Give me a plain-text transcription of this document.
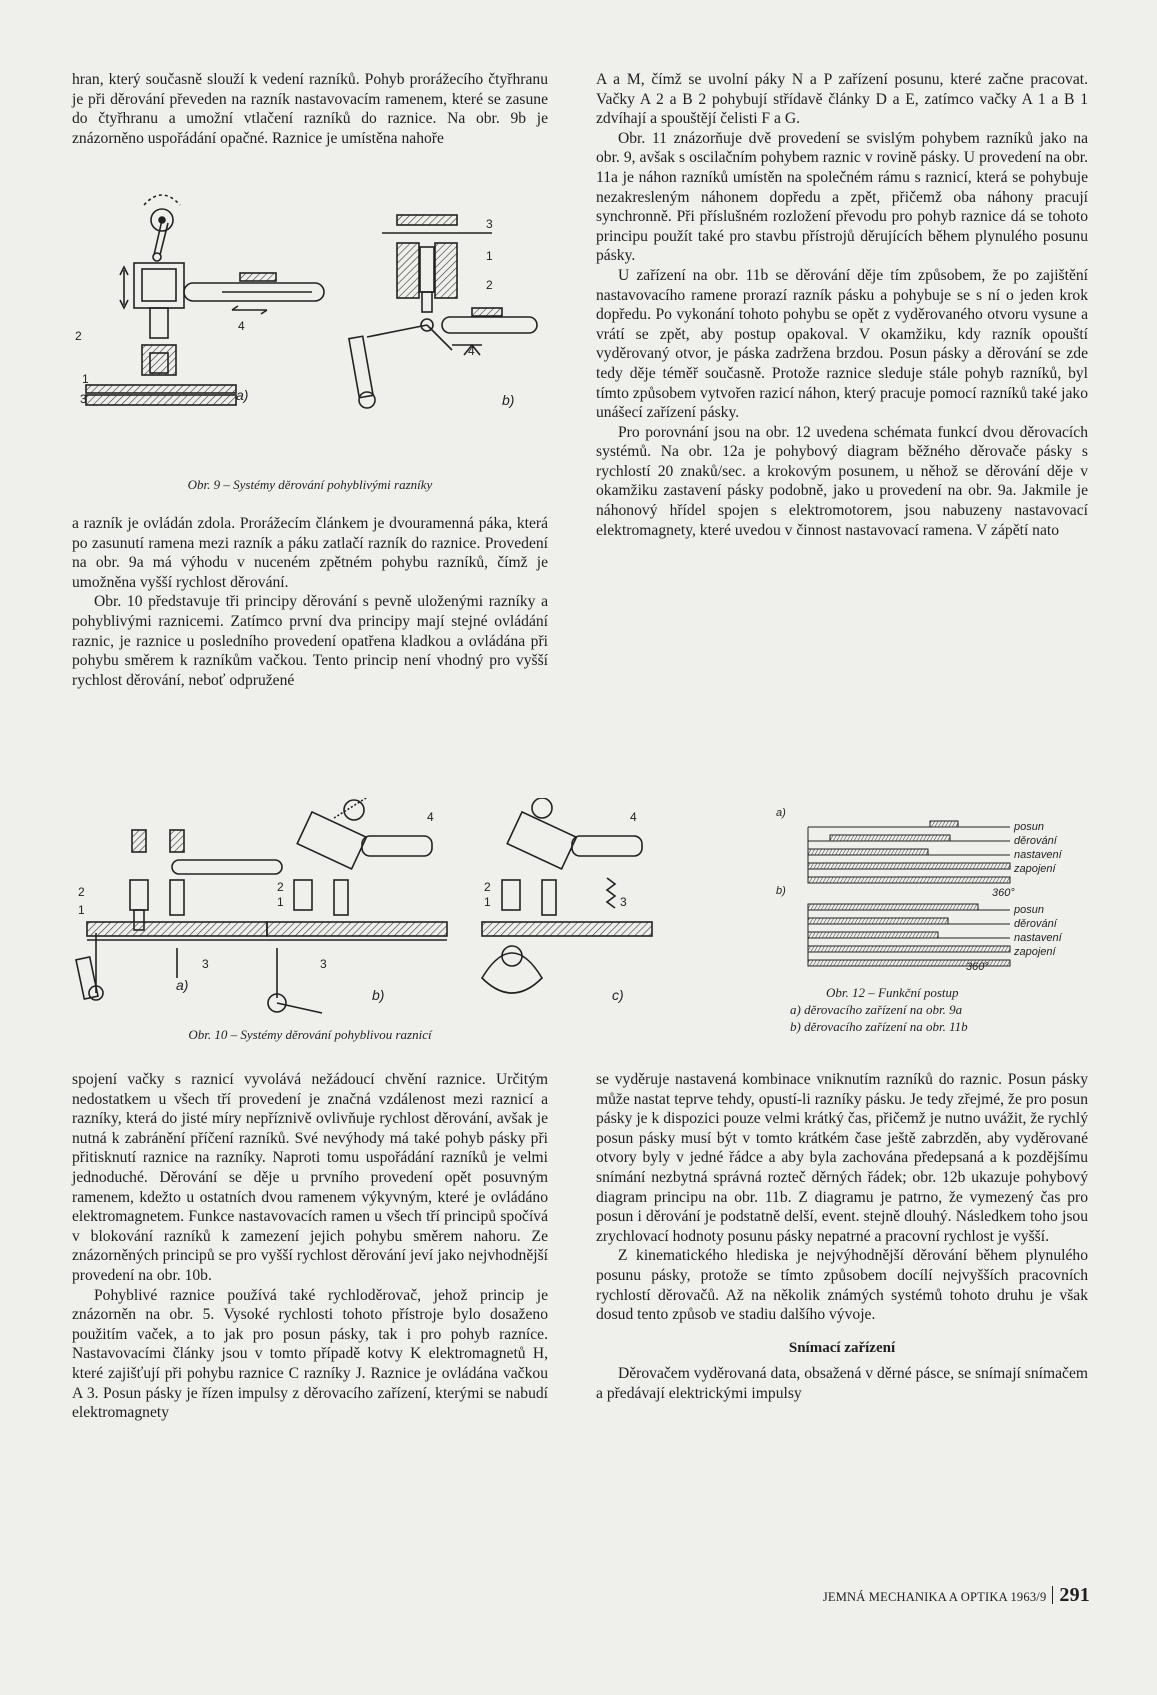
hran, který současně slouží k vedení razníků. Pohyb prorážecího čtyřhranu je při děrování převeden na razník nastavovacím ramenem, které se zasune do čtyřhranu a umožní vtlačení razníků do raznice. Na obr. 9b je znázorněno uspořádání opačné. Raznice je umístěna nahoře

2
1
3
4
a)
3
1
2
4
b)
Obr. 9 – Systémy děrování pohyblivými razníky

a razník je ovládán zdola. Prorážecím článkem je dvouramenná páka, která po zasunutí ramena mezi razník a páku zatlačí razník do raznice. Provedení na obr. 9a má výhodu v nuceném zpětném pohybu razníků, čímž je umožněna vyšší rychlost děrování.

Obr. 10 představuje tři principy děrování s pevně uloženými razníky a pohyblivými raznicemi. Zatímco první dva principy mají stejné ovládání raznic, je raznice u posledního provedení opatřena kladkou a ovládána při pohybu směrem k razníkům vačkou. Tento princip není vhodný pro vyšší rychlost děrování, neboť odpružené

2
1
3
a)
2
1
4
3
b)
2
1
4
3
c)
Obr. 10 – Systémy děrování pohyblivou raznicí

spojení vačky s raznicí vyvolává nežádoucí chvění raznice. Určitým nedostatkem u všech tří provedení je značná vzdálenost mezi raznicí a razníky, která do jisté míry nepříznivě ovlivňuje rychlost děrování, avšak je nutná k zabránění příčení razníků. Své nevýhody má také pohyb pásky při přitisknutí raznice na razníky. Naproti tomu uspořádání razníků je velmi jednoduché. Děrování se děje u prvního provedení opět posuvným ramenem, kdežto u ostatních dvou ramenem výkyvným, které je ovládáno elektromagnetem. Funkce nastavovacích ramen u všech tří principů spočívá v blokování razníků k zamezení jejich pohybu směrem nahoru. Ze znázorněných principů se pro vyšší rychlost děrování jeví jako nejvhodnější provedení na obr. 10b.

Pohyblivé raznice používá také rychloděrovač, jehož princip je znázorněn na obr. 5. Vysoké rychlosti tohoto přístroje bylo dosaženo použitím vaček, a to jak pro posun pásky, tak i pro pohyb razníce. Nastavovacími články jsou v tomto případě kotvy K elektromagnetů H, které zajišťují při pohybu raznice C razníky J. Raznice je ovládána vačkou A 3. Posun pásky je řízen impulsy z děrovacího zařízení, kterými se nabudí elektromagnety

A a M, čímž se uvolní páky N a P zařízení posunu, které začne pracovat. Vačky A 2 a B 2 pohybují střídavě články D a E, zatímco vačky A 1 a B 1 zdvíhají a spouštějí čelisti F a G.

Obr. 11 znázorňuje dvě provedení se svislým pohybem razníků jako na obr. 9, avšak s oscilačním pohybem raznic v rovině pásky. U provedení na obr. 11a je náhon razníků umístěn na společném rámu s raznicí, která se pohybuje nezakresleným náhonem dopředu a zpět, přičemž oba náhony pracují synchronně. Při příslušném rozložení převodu pro pohyb raznice dá se tohoto principu použít také pro stavbu přístrojů děrujících během plynulého posunu pásky.

U zařízení na obr. 11b se děrování děje tím způsobem, že po zajištění nastavovacího ramene prorazí razník pásku a pohybuje se s ní o jeden krok dopředu. Po vykonání tohoto pohybu se opět z vyděrovaného otvoru vysune a vrátí se zpět, aby postup opakoval. V okamžiku, kdy razník opouští vyděrovaný otvor, je páska zadržena brzdou. Posun pásky a děrování se zde tedy děje téměř současně. Protože raznice sleduje stále pohyb razníků, byl tímto způsobem vytvořen razicí náhon, který pracuje pomocí razníků také jako unášecí zařízení pásky.

Pro porovnání jsou na obr. 12 uvedena schémata funkcí dvou děrovacích systémů. Na obr. 12a je pohybový diagram běžného děrovače pásky s rychlostí 20 znaků/sec. a krokovým posunem, u něhož se děrování děje v okamžiku zastavení pásky podobně, jako u provedení na obr. 9a. Jakmile je náhonový hřídel spojen s elektromotorem, jsou nabuzeny nastavovací elektromagnety, které uvedou v činnost nastavovací ramena. V zápětí nato

a)
posun
děrování
nastavení
zapojení
360°
b)
posun
děrování
nastavení
zapojení
360°
Obr. 12 – Funkční postup
a) děrovacího zařízení na obr. 9a
b) děrovacího zařízení na obr. 11b

se vyděruje nastavená kombinace vniknutím razníků do raznic. Posun pásky může nastat teprve tehdy, opustí-li razníky pásku. Je tedy zřejmé, že pro posun pásky je k dispozici pouze velmi krátký čas, přičemž je nutno uvážit, že rychlý posun pásky musí být v tomto krátkém čase ještě zabrzděn, aby vyděrované otvory byly v jedné řádce a aby byla zachována předepsaná a k pozdějšímu snímání nezbytná správná rozteč děrných řádek; obr. 12b ukazuje pohybový diagram principu na obr. 11b. Z diagramu je patrno, že vymezený čas pro posun i děrování je podstatně delší, event. stejně dlouhý. Následkem toho jsou zrychlovací hodnoty posunu pásky nepatrné a pracovní rychlost je vyšší.

Z kinematického hlediska je nejvýhodnější děrování během plynulého posunu pásky, protože se tímto způsobem docílí nejvyšších pracovních rychlostí děrovačů. Až na několik známých systémů tohoto druhu je však dosud tento způsob ve stadiu dalšího vývoje.

Snímací zařízení

Děrovačem vyděrovaná data, obsažená v děrné pásce, se snímají snímačem a předávají elektrickými impulsy

JEMNÁ MECHANIKA A OPTIKA 1963/9 291
